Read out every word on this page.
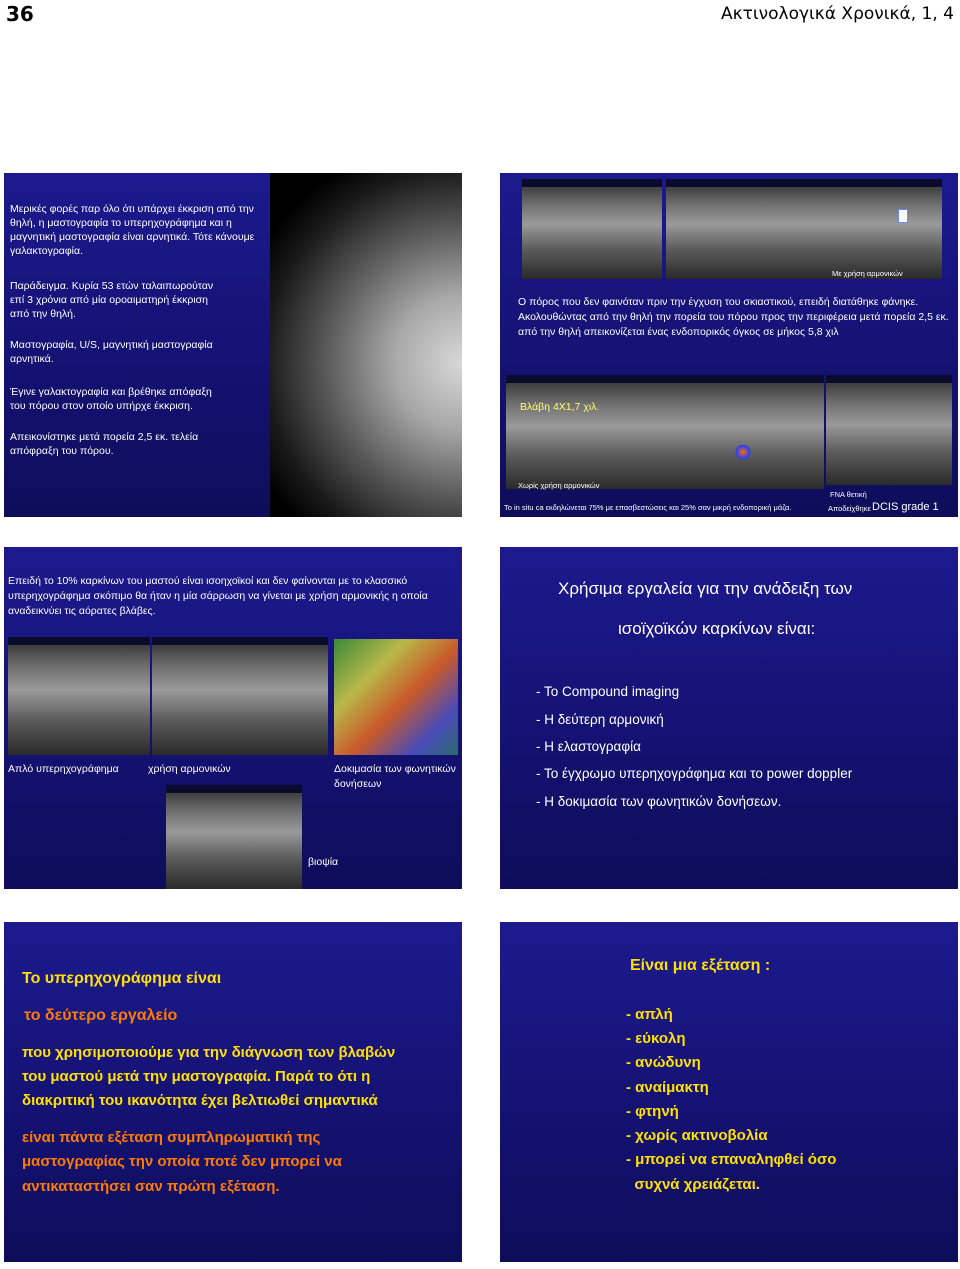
36	Ακτινολογικά Χρονικά, 1, 4
Μερικές φορές παρ όλο ότι υπάρχει έκκριση από την
θηλή, η μαστογραφία το υπερηχογράφημα και η
μαγνητική μαστογραφία είναι αρνητικά. Τότε κάνουμε
γαλακτογραφία.
Παράδειγμα. Κυρία 53 ετών ταλαιπωρούταν
επί 3 χρόνια από μία οροαιματηρή έκκριση
από την θηλή.
Μαστογραφία, U/S, μαγνητική μαστογραφία
αρνητικά.
Έγινε γαλακτογραφία και βρέθηκε απόφαξη
του πόρου στον οποίο υπήρχε έκκριση.
Απεικονίστηκε μετά πορεία 2,5 εκ. τελεία
απόφραξη του πόρου.
Με χρήση αρμονικών
Ο πόρος που δεν φαινόταν πριν την έγχυση του σκιαστικού, επειδή διατάθηκε φάνηκε.
Ακολουθώντας από την θηλή την πορεία του πόρου προς την περιφέρεια μετά πορεία 2,5 εκ.
από την θηλή απεικονίζεται ένας ενδοπορικός όγκος σε μήκος 5,8 χιλ
Βλάβη 4Χ1,7 χιλ.
Χωρίς χρήση αρμονικών
Το in situ ca εκδηλώνεται 75% με επασβεστώσεις και 25% σαν μικρή ενδοπορική μάζα.
FNA θετική
Αποδείχθηκε DCIS grade 1
Επειδή το 10% καρκίνων του μαστού είναι ισοηχοϊκοί και δεν φαίνονται με το κλασσικό
υπερηχογράφημα σκόπιμο θα ήταν η μία σάρρωση να γίνεται με χρήση αρμονικής η οποία
αναδεικνύει τις αόρατες βλάβες.
Απλό υπερηχογράφημα	χρήση αρμονικών	Δοκιμασία των φωνητικών
δονήσεων
βιοψία
Χρήσιμα εργαλεία για την ανάδειξη των
ισοϊχοϊκών καρκίνων είναι:
- Το Compound imaging
- Η δεύτερη αρμονική
- Η ελαστογραφία
- Το έγχρωμο υπερηχογράφημα και το power doppler
- Η δοκιμασία των φωνητικών δονήσεων.
Το υπερηχογράφημα είναι
το δεύτερο εργαλείο
που χρησιμοποιούμε για την διάγνωση των βλαβών
του μαστού μετά την μαστογραφία. Παρά το ότι η
διακριτική του ικανότητα έχει βελτιωθεί σημαντικά
είναι πάντα εξέταση συμπληρωματική της
μαστογραφίας την οποία ποτέ δεν μπορεί να
αντικαταστήσει σαν πρώτη εξέταση.
Είναι μια εξέταση :
- απλή
- εύκολη
- ανώδυνη
- αναίμακτη
- φτηνή
- χωρίς ακτινοβολία
- μπορεί να επαναληφθεί όσο
συχνά χρειάζεται.
